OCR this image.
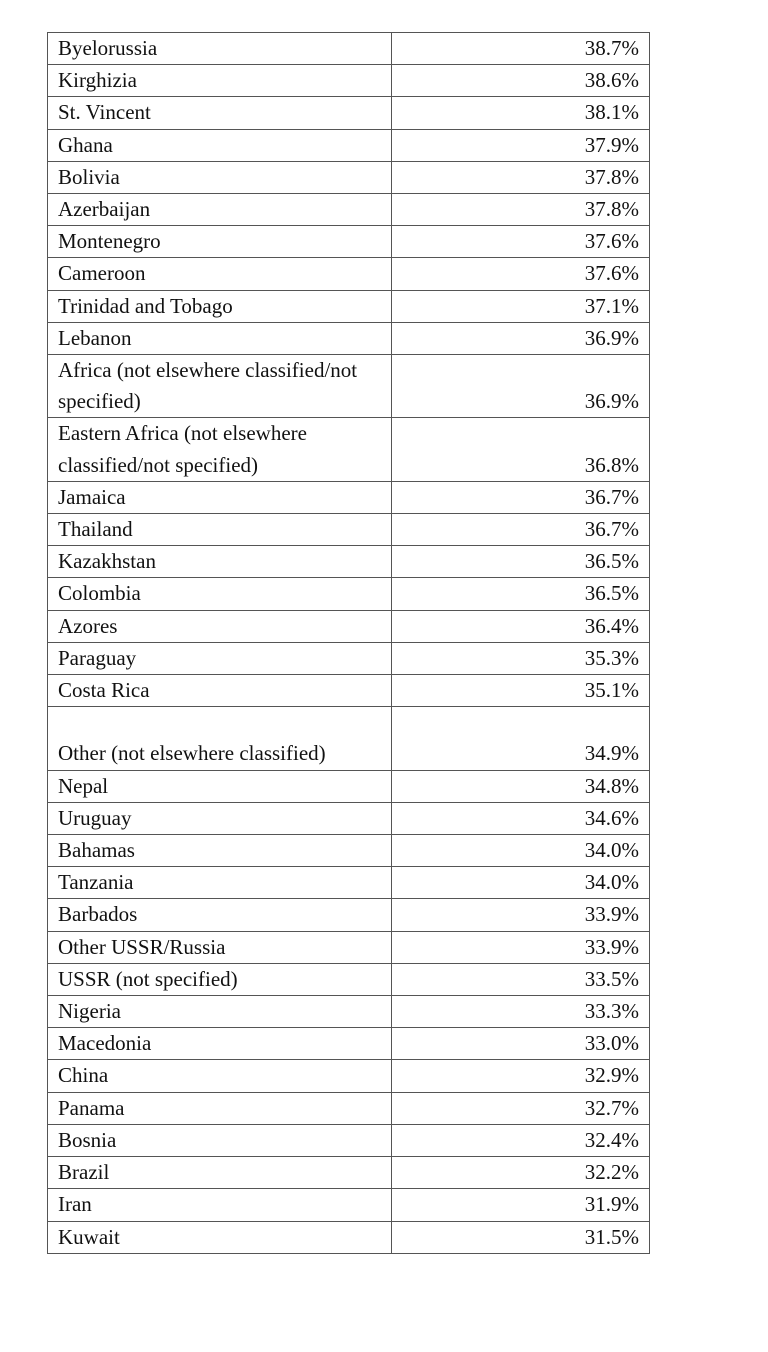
Byelorussia	38.7%
Kirghizia	38.6%
St. Vincent	38.1%
Ghana	37.9%
Bolivia	37.8%
Azerbaijan	37.8%
Montenegro	37.6%
Cameroon	37.6%
Trinidad and Tobago	37.1%
Lebanon	36.9%
Africa (not elsewhere classified/not specified)	36.9%
Eastern Africa (not elsewhere classified/not specified)	36.8%
Jamaica	36.7%
Thailand	36.7%
Kazakhstan	36.5%
Colombia	36.5%
Azores	36.4%
Paraguay	35.3%
Costa Rica	35.1%
Other (not elsewhere classified)	34.9%
Nepal	34.8%
Uruguay	34.6%
Bahamas	34.0%
Tanzania	34.0%
Barbados	33.9%
Other USSR/Russia	33.9%
USSR (not specified)	33.5%
Nigeria	33.3%
Macedonia	33.0%
China	32.9%
Panama	32.7%
Bosnia	32.4%
Brazil	32.2%
Iran	31.9%
Kuwait	31.5%
